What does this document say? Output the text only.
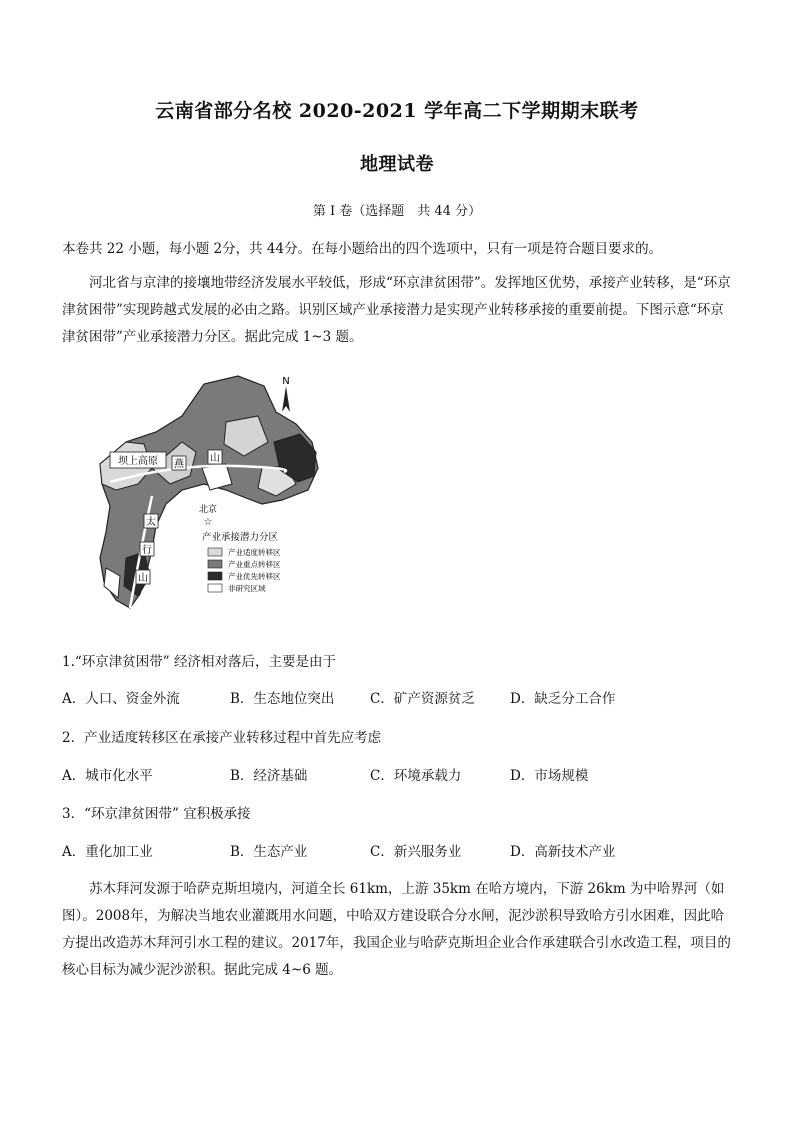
云南省部分名校 2020-2021 学年高二下学期期末联考
地理试卷
第 I 卷（选择题　共 44 分）
本卷共 22 小题，每小题 2分，共 44分。在每小题给出的四个选项中，只有一项是符合题目要求的。
河北省与京津的接壤地带经济发展水平较低，形成“环京津贫困带”。发挥地区优势，承接产业转移，是“环京津贫困带”实现跨越式发展的必由之路。识别区域产业承接潜力是实现产业转移承接的重要前提。下图示意“环京津贫困带”产业承接潜力分区。据此完成 1~3 题。
坝上高原 燕
山
太
行
山
N
北京
☆
产业承接潜力分区
产业适度转移区
产业重点转移区
产业优先转移区
非研究区域
1.“环京津贫困带” 经济相对落后，主要是由于
A．人口、资金外流	B．生态地位突出	C．矿产资源贫乏	D．缺乏分工合作
2．产业适度转移区在承接产业转移过程中首先应考虑
A．城市化水平	B．经济基础	C．环境承载力	D．市场规模
3．“环京津贫困带” 宜积极承接
A．重化加工业	B．生态产业	C．新兴服务业	D．高新技术产业
苏木拜河发源于哈萨克斯坦境内，河道全长 61km，上游 35km 在哈方境内，下游 26km 为中哈界河（如图）。2008年，为解决当地农业灌溉用水问题，中哈双方建设联合分水闸，泥沙淤积导致哈方引水困难，因此哈方提出改造苏木拜河引水工程的建议。2017年，我国企业与哈萨克斯坦企业合作承建联合引水改造工程，项目的核心目标为减少泥沙淤积。据此完成 4~6 题。
